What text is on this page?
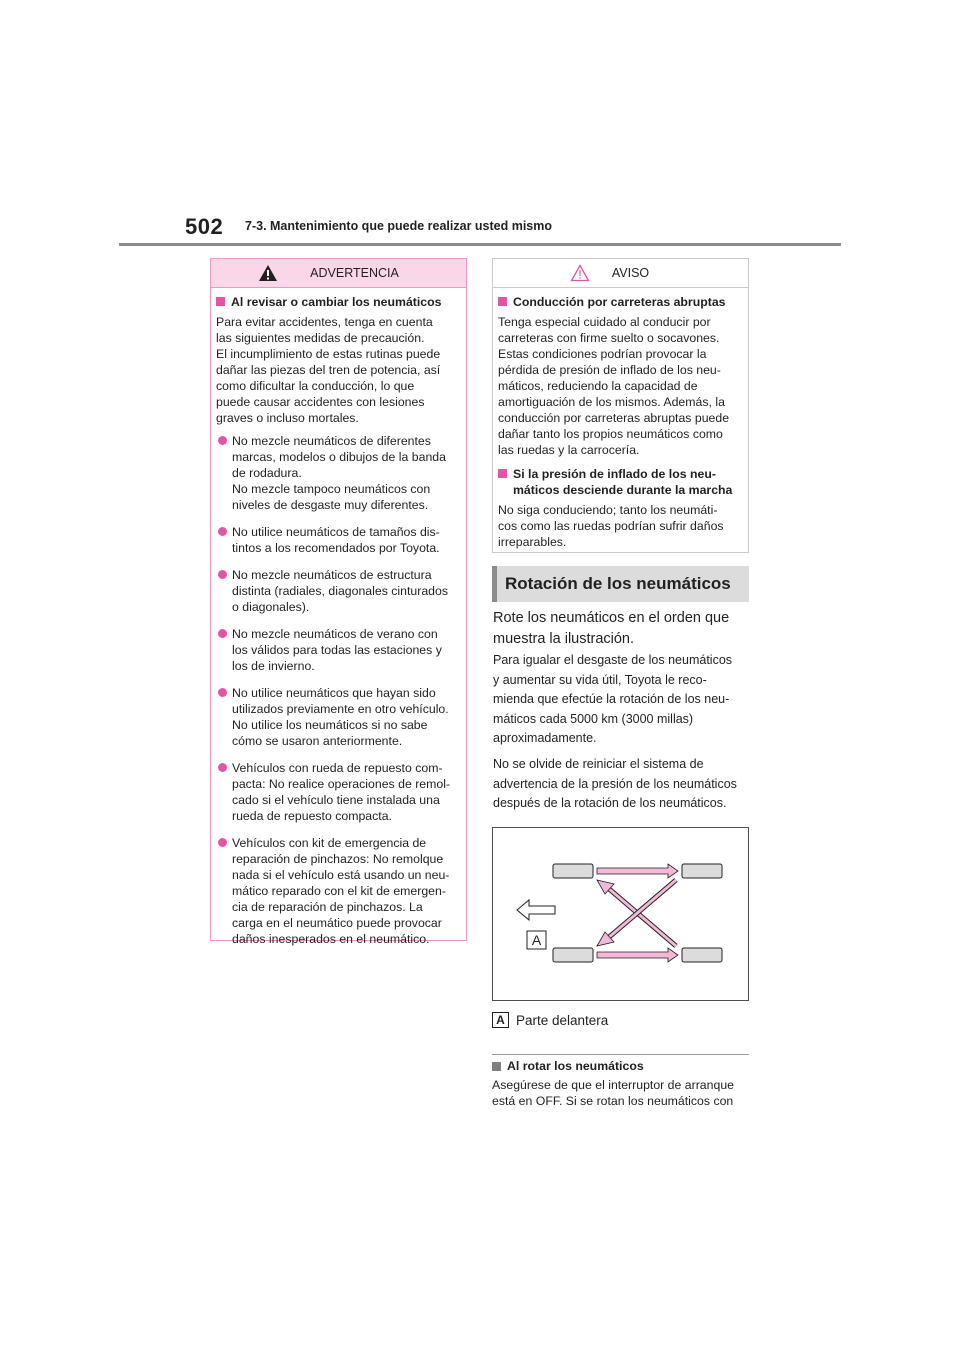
502 7-3. Mantenimiento que puede realizar usted mismo
ADVERTENCIA
Al revisar o cambiar los neumáticos

Para evitar accidentes, tenga en cuenta
las siguientes medidas de precaución.
El incumplimiento de estas rutinas puede
dañar las piezas del tren de potencia, así
como dificultar la conducción, lo que
puede causar accidentes con lesiones
graves o incluso mortales.

No mezcle neumáticos de diferentes
marcas, modelos o dibujos de la banda
de rodadura.
No mezcle tampoco neumáticos con
niveles de desgaste muy diferentes.
No utilice neumáticos de tamaños dis-
tintos a los recomendados por Toyota.
No mezcle neumáticos de estructura
distinta (radiales, diagonales cinturados
o diagonales).
No mezcle neumáticos de verano con
los válidos para todas las estaciones y
los de invierno.
No utilice neumáticos que hayan sido
utilizados previamente en otro vehículo.
No utilice los neumáticos si no sabe
cómo se usaron anteriormente.
Vehículos con rueda de repuesto com-
pacta: No realice operaciones de remol-
cado si el vehículo tiene instalada una
rueda de repuesto compacta.
Vehículos con kit de emergencia de
reparación de pinchazos: No remolque
nada si el vehículo está usando un neu-
mático reparado con el kit de emergen-
cia de reparación de pinchazos. La
carga en el neumático puede provocar
daños inesperados en el neumático.
AVISO
Conducción por carreteras abruptas

Tenga especial cuidado al conducir por
carreteras con firme suelto o socavones.
Estas condiciones podrían provocar la
pérdida de presión de inflado de los neu-
máticos, reduciendo la capacidad de
amortiguación de los mismos. Además, la
conducción por carreteras abruptas puede
dañar tanto los propios neumáticos como
las ruedas y la carrocería.

Si la presión de inflado de los neu-
máticos desciende durante la marcha

No siga conduciendo; tanto los neumáti-
cos como las ruedas podrían sufrir daños
irreparables.

Rotación de los neumáticos
Rote los neumáticos en el orden que
muestra la ilustración.
Para igualar el desgaste de los neumáticos
y aumentar su vida útil, Toyota le reco-
mienda que efectúe la rotación de los neu-
máticos cada 5000 km (3000 millas)
aproximadamente.
No se olvide de reiniciar el sistema de
advertencia de la presión de los neumáticos
después de la rotación de los neumáticos.
A
A Parte delantera
Al rotar los neumáticos
Asegúrese de que el interruptor de arranque
está en OFF. Si se rotan los neumáticos con
